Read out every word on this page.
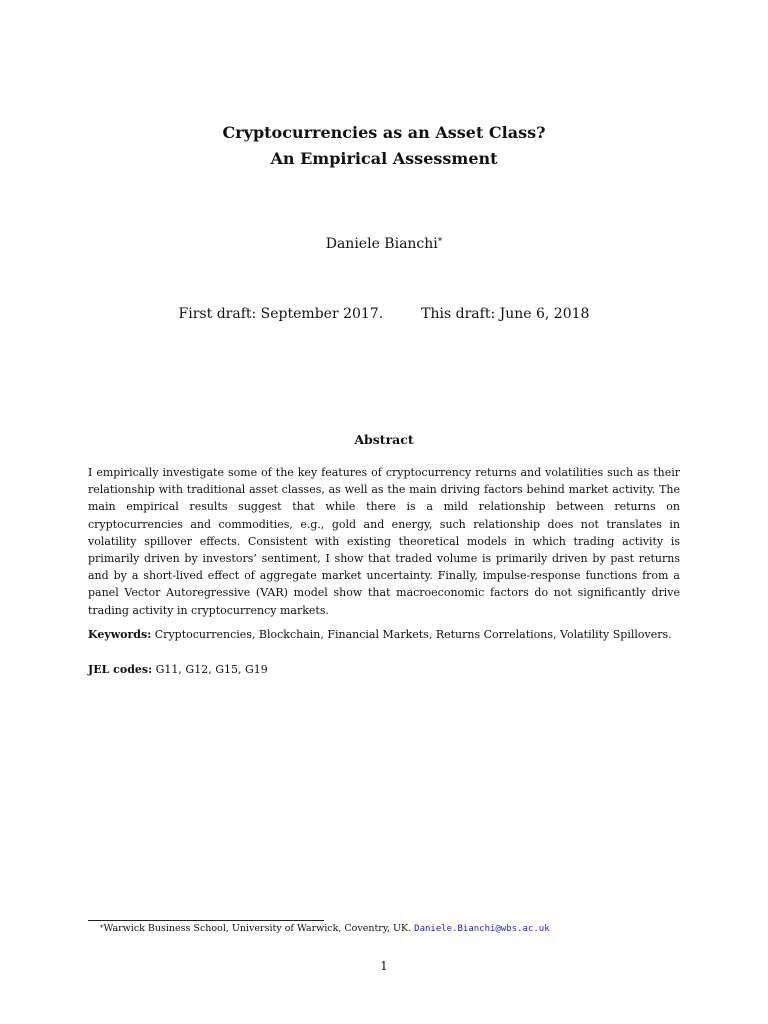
Cryptocurrencies as an Asset Class?
An Empirical Assessment
Daniele Bianchi*
First draft: September 2017.	This draft: June 6, 2018
Abstract

I empirically investigate some of the key features of cryptocurrency returns and volatilities such as their relationship with traditional asset classes, as well as the main driving factors behind market activity. The main empirical results suggest that while there is a mild relationship between returns on cryptocurrencies and commodities, e.g., gold and energy, such relationship does not translates in volatility spillover effects. Consistent with existing theoretical models in which trading activity is primarily driven by investors’ sentiment, I show that traded volume is primarily driven by past returns and by a short-lived effect of aggregate market uncertainty. Finally, impulse-response functions from a panel Vector Autoregressive (VAR) model show that macroeconomic factors do not significantly drive trading activity in cryptocurrency markets.

Keywords: Cryptocurrencies, Blockchain, Financial Markets, Returns Correlations, Volatility Spillovers.
JEL codes: G11, G12, G15, G19
*Warwick Business School, University of Warwick, Coventry, UK. Daniele.Bianchi@wbs.ac.uk
1
